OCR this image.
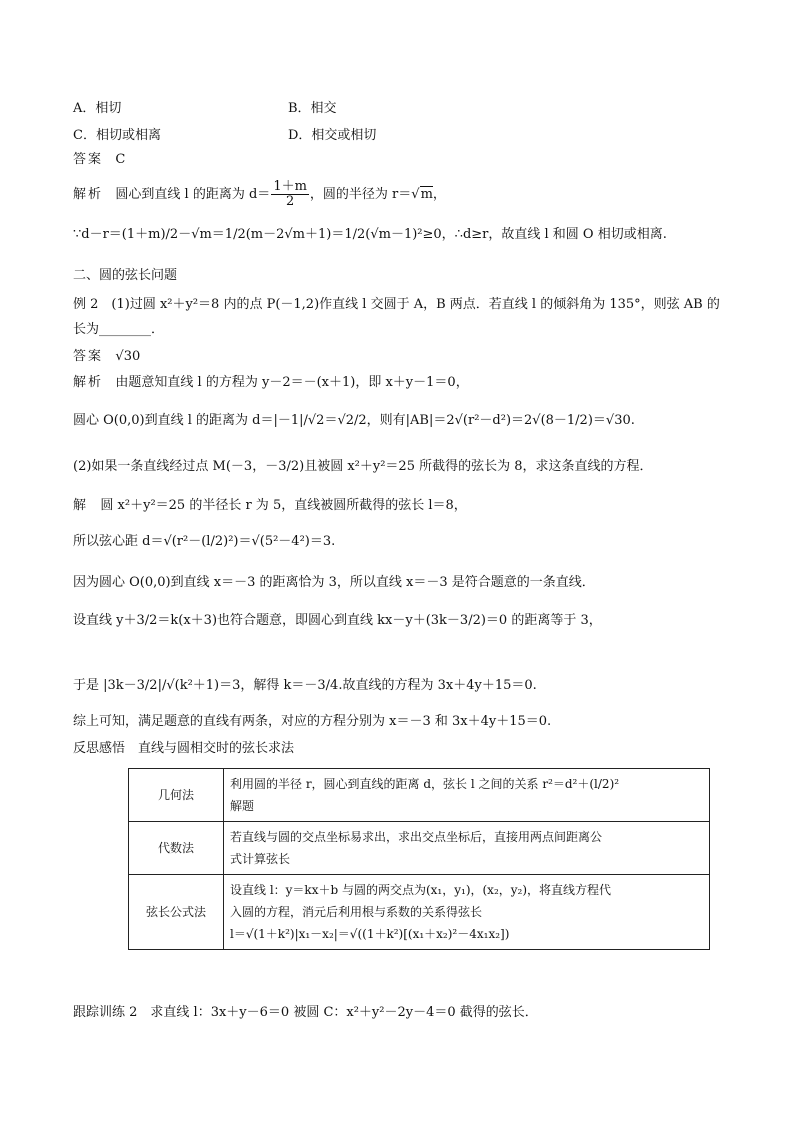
A．相切	B．相交
C．相切或相离	D．相交或相切
答案 C
解析 圆心到直线 l 的距离为 $d= \frac{1+m}{2}$ ，圆的半径为 r＝√m，
∵d－r＝(1＋m)/2－√m＝1/2(m－2√m＋1)＝1/2(√m－1)²≥0，∴d≥r，故直线 l 和圆 O 相切或相离.
二、圆的弦长问题
例 2　(1)过圆 x²＋y²＝8 内的点 P(－1,2)作直线 l 交圆于 A，B 两点．若直线 l 的倾斜角为 135°，则弦 AB 的
长为________．
答案 √30
解析 由题意知直线 l 的方程为 y－2＝－(x＋1)，即 x＋y－1＝0，
圆心 O(0,0)到直线 l 的距离为 d＝|－1|/√2＝√2/2，则有|AB|＝2√(r²－d²)＝2√(8－1/2)＝√30.
(2)如果一条直线经过点 M(－3，－3/2)且被圆 x²＋y²＝25 所截得的弦长为 8，求这条直线的方程．
解 圆 x²＋y²＝25 的半径长 r 为 5，直线被圆所截得的弦长 l＝8，
所以弦心距 d＝√(r²－(l/2)²)＝√(5²－4²)＝3.
因为圆心 O(0,0)到直线 x＝－3 的距离恰为 3，所以直线 x＝－3 是符合题意的一条直线．
设直线 y＋3/2＝k(x＋3)也符合题意，即圆心到直线 kx－y＋(3k－3/2)＝0 的距离等于 3，
于是 |3k－3/2|/√(k²＋1)＝3，解得 k＝－3/4.故直线的方程为 3x＋4y＋15＝0.
综上可知，满足题意的直线有两条，对应的方程分别为 x＝－3 和 3x＋4y＋15＝0.
反思感悟　直线与圆相交时的弦长求法
几何法	利用圆的半径 r，圆心到直线的距离 d，弦长 l 之间的关系 r²＝d²＋(l/2)²
解题

代数法	若直线与圆的交点坐标易求出，求出交点坐标后，直接用两点间距离公
式计算弦长

弦长公式法	设直线 l：y＝kx＋b 与圆的两交点为(x₁，y₁)，(x₂，y₂)，将直线方程代
入圆的方程，消元后利用根与系数的关系得弦长
l＝√(1＋k²)|x₁－x₂|＝√((1＋k²)[(x₁＋x₂)²－4x₁x₂])
跟踪训练 2　求直线 l：3x＋y－6＝0 被圆 C：x²＋y²－2y－4＝0 截得的弦长．
